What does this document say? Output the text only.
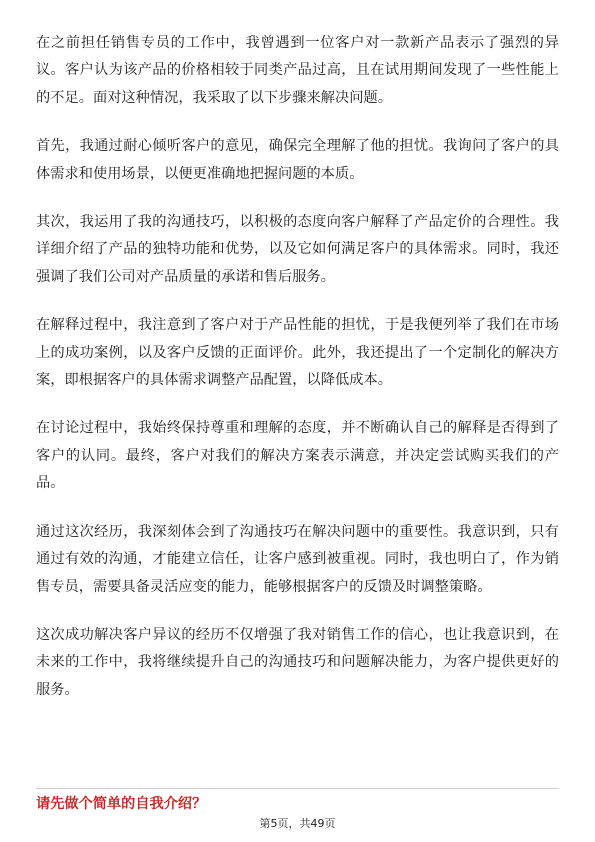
在之前担任销售专员的工作中，我曾遇到一位客户对一款新产品表示了强烈的异议。客户认为该产品的价格相较于同类产品过高，且在试用期间发现了一些性能上的不足。面对这种情况，我采取了以下步骤来解决问题。

首先，我通过耐心倾听客户的意见，确保完全理解了他的担忧。我询问了客户的具体需求和使用场景，以便更准确地把握问题的本质。

其次，我运用了我的沟通技巧，以积极的态度向客户解释了产品定价的合理性。我详细介绍了产品的独特功能和优势，以及它如何满足客户的具体需求。同时，我还强调了我们公司对产品质量的承诺和售后服务。

在解释过程中，我注意到了客户对于产品性能的担忧，于是我便列举了我们在市场上的成功案例，以及客户反馈的正面评价。此外，我还提出了一个定制化的解决方案，即根据客户的具体需求调整产品配置，以降低成本。

在讨论过程中，我始终保持尊重和理解的态度，并不断确认自己的解释是否得到了客户的认同。最终，客户对我们的解决方案表示满意，并决定尝试购买我们的产品。

通过这次经历，我深刻体会到了沟通技巧在解决问题中的重要性。我意识到，只有通过有效的沟通，才能建立信任，让客户感到被重视。同时，我也明白了，作为销售专员，需要具备灵活应变的能力，能够根据客户的反馈及时调整策略。

这次成功解决客户异议的经历不仅增强了我对销售工作的信心，也让我意识到，在未来的工作中，我将继续提升自己的沟通技巧和问题解决能力，为客户提供更好的服务。

请先做个简单的自我介绍？
第5页，共49页
